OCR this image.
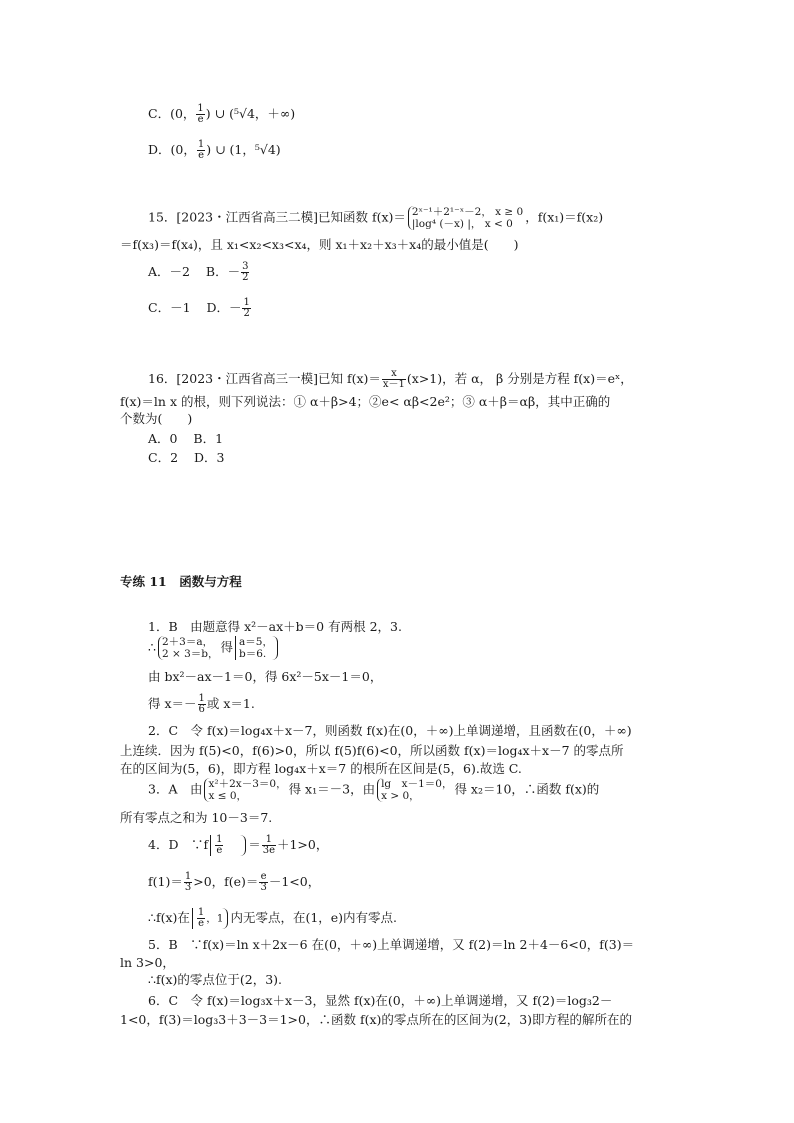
C．(0， $\frac{1}{e}$ ) ∪ (⁵√4，＋∞)
D．(0， $\frac{1}{e}$ ) ∪ (1，⁵√4)
15．[2023・江西省高三二模]已知函数 f(x)＝ 2ˣ⁻¹＋2¹⁻ˣ－2， x ≥ 0
|log⁴ (－x) |， x < 0 ，f(x₁)＝f(x₂)
＝f(x₃)＝f(x₄)，且 x₁<x₂<x₃<x₄，则 x₁＋x₂＋x₃＋x₄的最小值是(　　)
A．－2 B．－ $\frac{3}{2}$
C．－1 D．－ $\frac{1}{2}$
16．[2023・江西省高三一模]已知 $f(x)= \frac{x}{x-1} (x>1)$，若 α， β 分别是方程 f(x)＝eˣ，
f(x)＝ln x 的根，则下列说法：① α＋β>4；②e< αβ<2e²；③ α＋β＝αβ，其中正确的
个数为(　　)
A．0 B．1
C．2 D．3
专练 11　函数与方程
1．B　由题意得 x²－ax＋b＝0 有两根 2，3.
∴ 2＋3＝a，
2 × 3＝b， 得 a＝5，
b＝6.
由 bx²－ax－1＝0，得 6x²－5x－1＝0，
得 $x=- \frac{1}{6}$ 或 x＝1.
2．C　令 f(x)＝log₄x＋x－7，则函数 f(x)在(0，＋∞)上单调递增，且函数在(0，＋∞)
上连续．因为 f(5)<0，f(6)>0，所以 f(5)f(6)<0，所以函数 f(x)＝log₄x＋x－7 的零点所
在的区间为(5，6)，即方程 log₄x＋x＝7 的根所在区间是(5，6).故选 C.
3．A　由 x²＋2x－3＝0，
x ≤ 0，	得 x₁＝－3，由 lg　x－1＝0，
x > 0，	得 x₂＝10，∴函数 f(x)的
所有零点之和为 10－3＝7.
4．D　∵f $\frac{1}{e} = \frac{1}{3e} +1>0$，
$f(1)= \frac{1}{3} >0$，$f(e)= \frac{e}{3} -1<0$，
∴f(x)在 $\frac{1}{e}$ ，1 内无零点，在(1，e)内有零点.
5．B　∵f(x)＝ln x＋2x－6 在(0，＋∞)上单调递增，又 f(2)＝ln 2＋4－6<0，f(3)＝
ln 3>0，
∴f(x)的零点位于(2，3).
6．C　令 f(x)＝log₃x＋x－3，显然 f(x)在(0，＋∞)上单调递增，又 f(2)＝log₃2－
1<0，f(3)＝log₃3＋3－3＝1>0，∴函数 f(x)的零点所在的区间为(2，3)即方程的解所在的
